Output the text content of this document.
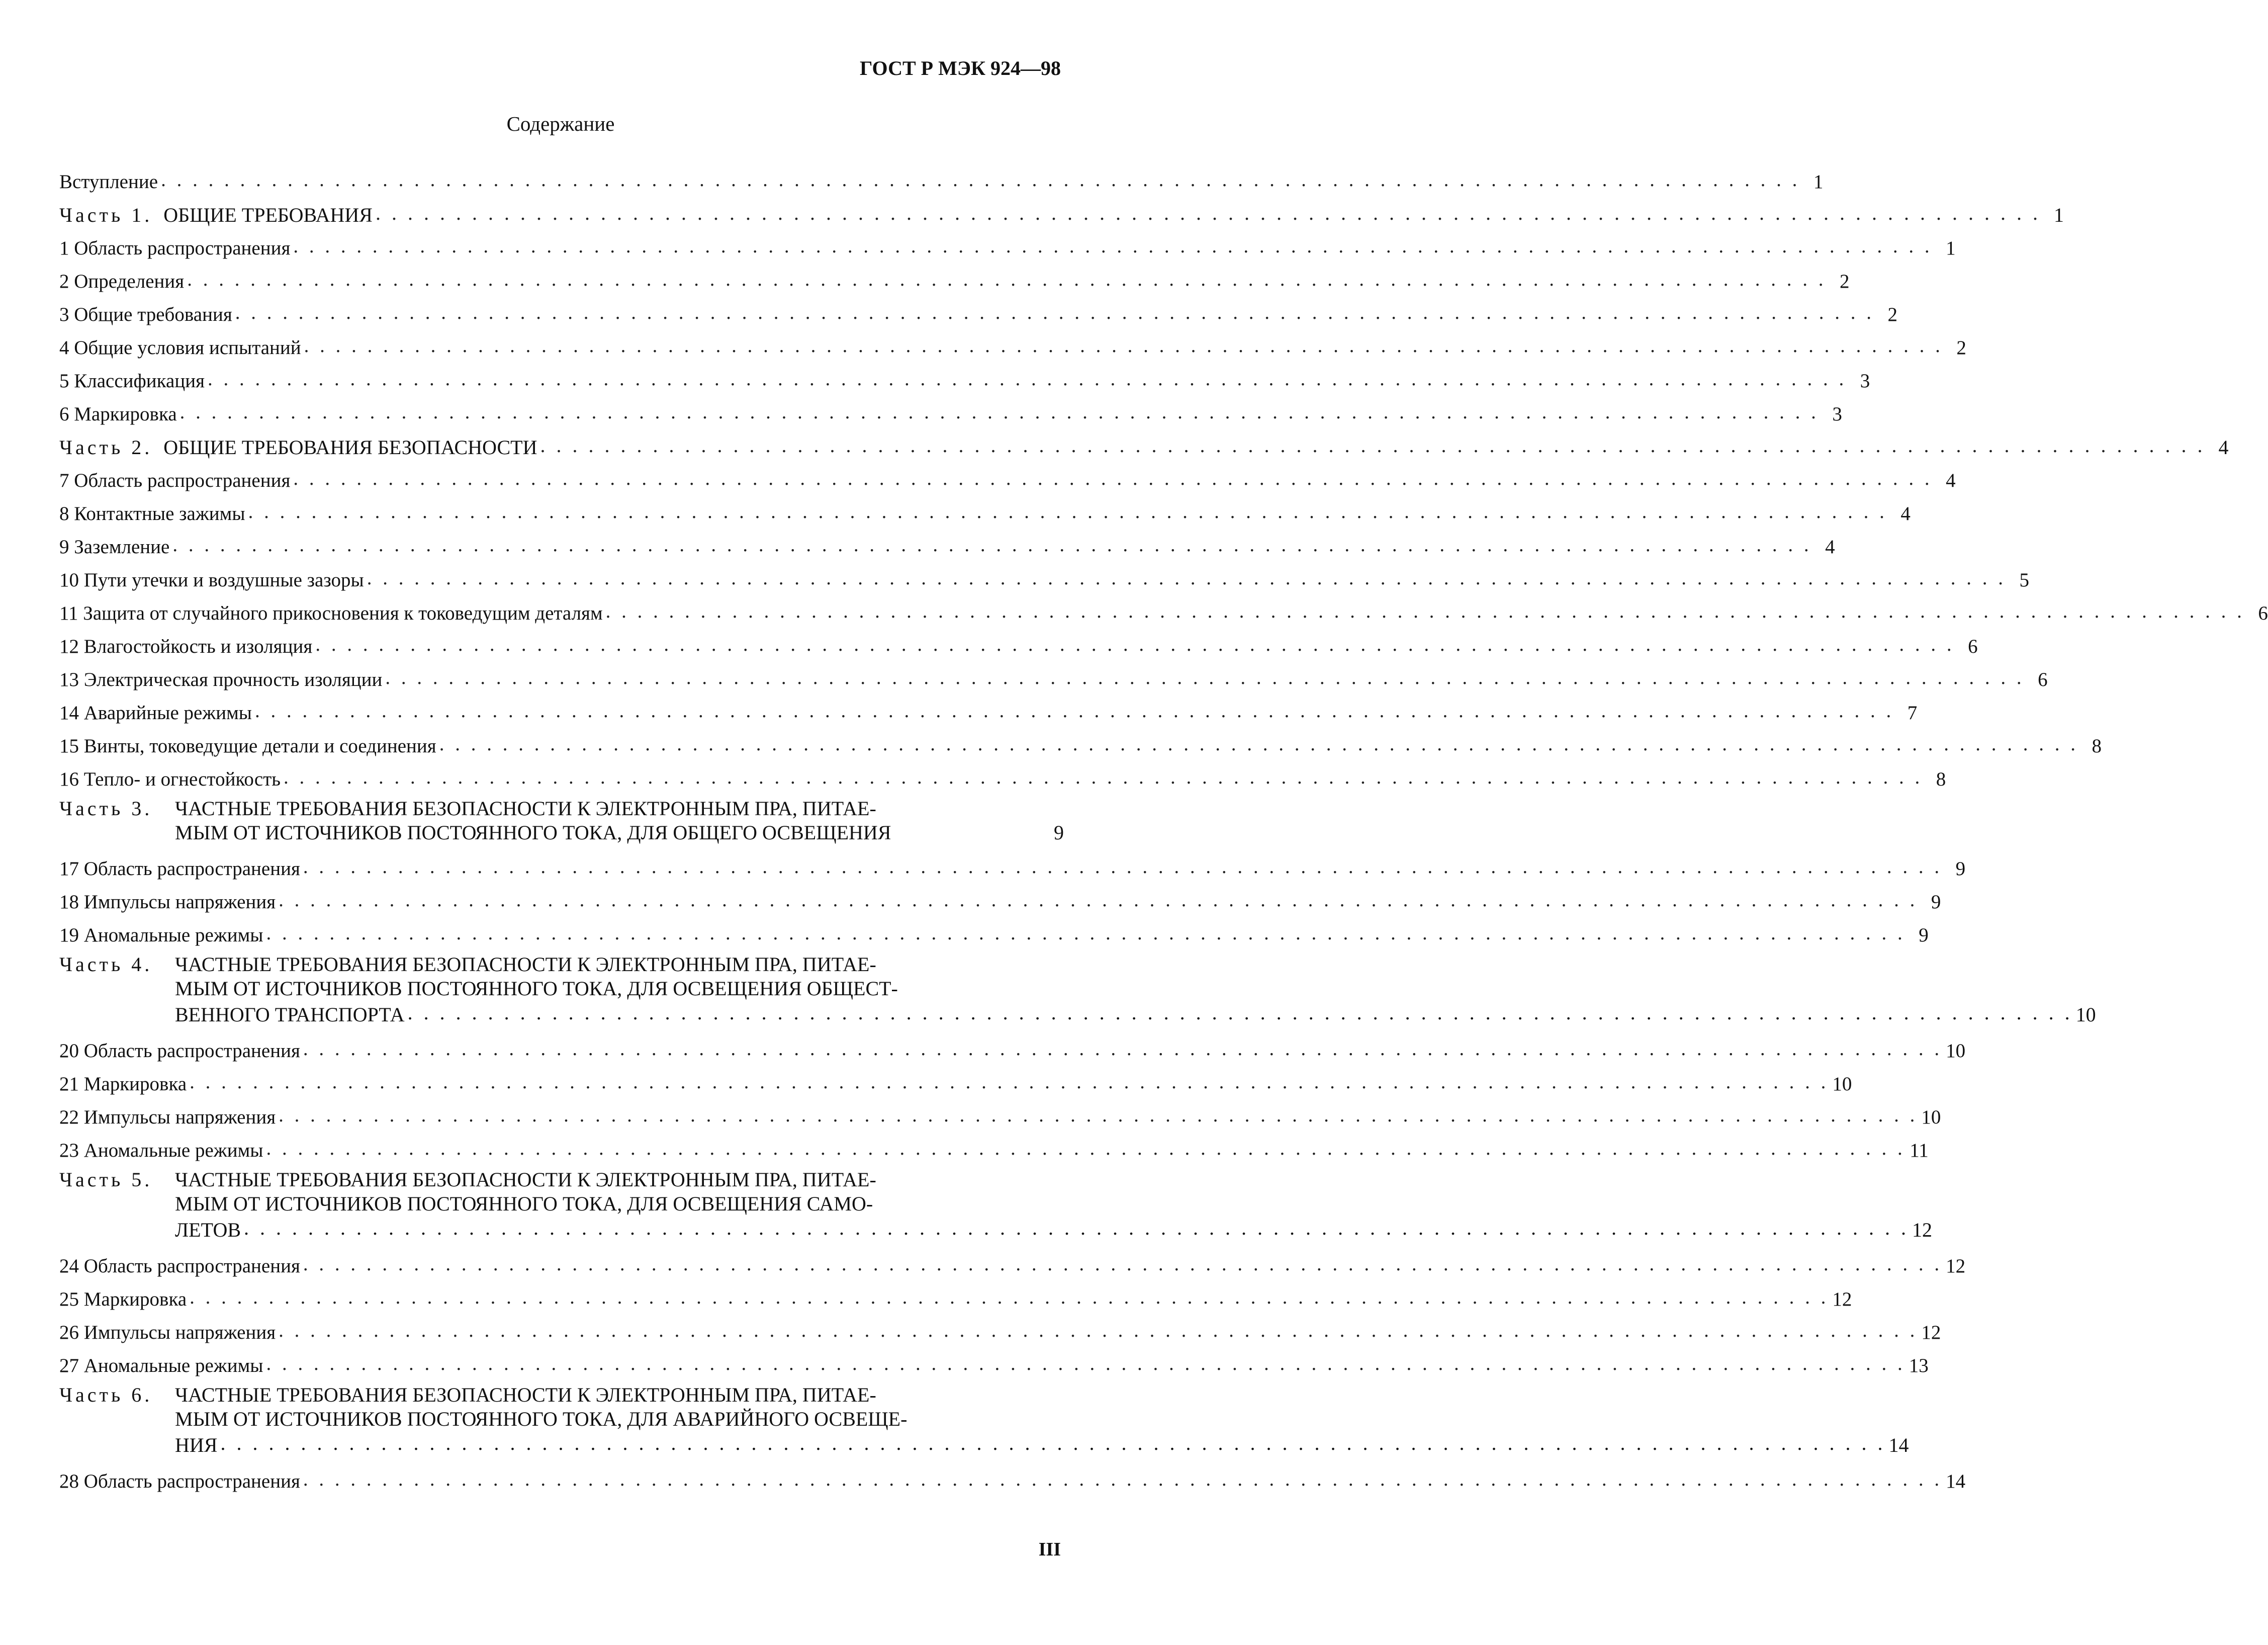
ГОСТ Р МЭК 924—98
Содержание
Вступление . . . . . . . . . . . . . . . . . . . . . . . . . . . . . . . . . . . . . . . . . . . . . . . . . . . . . . . . . . . . . . . . . . . . . . . . . . . . . . . . . . . . . . . . . . . . . . . . . . . . . . . . 1
Часть 1. ОБЩИЕ ТРЕБОВАНИЯ . . . . . . . . . . . . . . . . . . . . . . . . . . . . . . . . . . . . . . . . . . . . . . . . . . . . . . . . . . . . . . . . . . . . . . . . . . . . . . . . . . . . . . . . . . . . . . . . . . . . . . . . 1
1 Область распространения . . . . . . . . . . . . . . . . . . . . . . . . . . . . . . . . . . . . . . . . . . . . . . . . . . . . . . . . . . . . . . . . . . . . . . . . . . . . . . . . . . . . . . . . . . . . . . . . . . . . . . . . 1
2 Определения . . . . . . . . . . . . . . . . . . . . . . . . . . . . . . . . . . . . . . . . . . . . . . . . . . . . . . . . . . . . . . . . . . . . . . . . . . . . . . . . . . . . . . . . . . . . . . . . . . . . . . . . 2
3 Общие требования . . . . . . . . . . . . . . . . . . . . . . . . . . . . . . . . . . . . . . . . . . . . . . . . . . . . . . . . . . . . . . . . . . . . . . . . . . . . . . . . . . . . . . . . . . . . . . . . . . . . . . . . 2
4 Общие условия испытаний . . . . . . . . . . . . . . . . . . . . . . . . . . . . . . . . . . . . . . . . . . . . . . . . . . . . . . . . . . . . . . . . . . . . . . . . . . . . . . . . . . . . . . . . . . . . . . . . . . . . . . . . 2
5 Классификация . . . . . . . . . . . . . . . . . . . . . . . . . . . . . . . . . . . . . . . . . . . . . . . . . . . . . . . . . . . . . . . . . . . . . . . . . . . . . . . . . . . . . . . . . . . . . . . . . . . . . . . . 3
6 Маркировка . . . . . . . . . . . . . . . . . . . . . . . . . . . . . . . . . . . . . . . . . . . . . . . . . . . . . . . . . . . . . . . . . . . . . . . . . . . . . . . . . . . . . . . . . . . . . . . . . . . . . . . . 3
Часть 2. ОБЩИЕ ТРЕБОВАНИЯ БЕЗОПАСНОСТИ . . . . . . . . . . . . . . . . . . . . . . . . . . . . . . . . . . . . . . . . . . . . . . . . . . . . . . . . . . . . . . . . . . . . . . . . . . . . . . . . . . . . . . . . . . . . . . . . . . . . . . . . 4
7 Область распространения . . . . . . . . . . . . . . . . . . . . . . . . . . . . . . . . . . . . . . . . . . . . . . . . . . . . . . . . . . . . . . . . . . . . . . . . . . . . . . . . . . . . . . . . . . . . . . . . . . . . . . . . 4
8 Контактные зажимы . . . . . . . . . . . . . . . . . . . . . . . . . . . . . . . . . . . . . . . . . . . . . . . . . . . . . . . . . . . . . . . . . . . . . . . . . . . . . . . . . . . . . . . . . . . . . . . . . . . . . . . . 4
9 Заземление . . . . . . . . . . . . . . . . . . . . . . . . . . . . . . . . . . . . . . . . . . . . . . . . . . . . . . . . . . . . . . . . . . . . . . . . . . . . . . . . . . . . . . . . . . . . . . . . . . . . . . . . 4
10 Пути утечки и воздушные зазоры . . . . . . . . . . . . . . . . . . . . . . . . . . . . . . . . . . . . . . . . . . . . . . . . . . . . . . . . . . . . . . . . . . . . . . . . . . . . . . . . . . . . . . . . . . . . . . . . . . . . . . . . 5
11 Защита от случайного прикосновения к токоведущим деталям . . . . . . . . . . . . . . . . . . . . . . . . . . . . . . . . . . . . . . . . . . . . . . . . . . . . . . . . . . . . . . . . . . . . . . . . . . . . . . . . . . . . . . . . . . . . . . . . . . . . . . . . 6
12 Влагостойкость и изоляция . . . . . . . . . . . . . . . . . . . . . . . . . . . . . . . . . . . . . . . . . . . . . . . . . . . . . . . . . . . . . . . . . . . . . . . . . . . . . . . . . . . . . . . . . . . . . . . . . . . . . . . . 6
13 Электрическая прочность изоляции . . . . . . . . . . . . . . . . . . . . . . . . . . . . . . . . . . . . . . . . . . . . . . . . . . . . . . . . . . . . . . . . . . . . . . . . . . . . . . . . . . . . . . . . . . . . . . . . . . . . . . . . 6
14 Аварийные режимы . . . . . . . . . . . . . . . . . . . . . . . . . . . . . . . . . . . . . . . . . . . . . . . . . . . . . . . . . . . . . . . . . . . . . . . . . . . . . . . . . . . . . . . . . . . . . . . . . . . . . . . . 7
15 Винты, токоведущие детали и соединения . . . . . . . . . . . . . . . . . . . . . . . . . . . . . . . . . . . . . . . . . . . . . . . . . . . . . . . . . . . . . . . . . . . . . . . . . . . . . . . . . . . . . . . . . . . . . . . . . . . . . . . . 8
16 Тепло- и огнестойкость . . . . . . . . . . . . . . . . . . . . . . . . . . . . . . . . . . . . . . . . . . . . . . . . . . . . . . . . . . . . . . . . . . . . . . . . . . . . . . . . . . . . . . . . . . . . . . . . . . . . . . . . 8
Часть 3.	ЧАСТНЫЕ ТРЕБОВАНИЯ БЕЗОПАСНОСТИ К ЭЛЕКТРОННЫМ ПРА, ПИТАЕ-
МЫМ ОТ ИСТОЧНИКОВ ПОСТОЯННОГО ТОКА, ДЛЯ ОБЩЕГО ОСВЕЩЕНИЯ	9
17 Область распространения . . . . . . . . . . . . . . . . . . . . . . . . . . . . . . . . . . . . . . . . . . . . . . . . . . . . . . . . . . . . . . . . . . . . . . . . . . . . . . . . . . . . . . . . . . . . . . . . . . . . . . . . 9
18 Импульсы напряжения . . . . . . . . . . . . . . . . . . . . . . . . . . . . . . . . . . . . . . . . . . . . . . . . . . . . . . . . . . . . . . . . . . . . . . . . . . . . . . . . . . . . . . . . . . . . . . . . . . . . . . . . 9
19 Аномальные режимы . . . . . . . . . . . . . . . . . . . . . . . . . . . . . . . . . . . . . . . . . . . . . . . . . . . . . . . . . . . . . . . . . . . . . . . . . . . . . . . . . . . . . . . . . . . . . . . . . . . . . . . . 9
Часть 4.	ЧАСТНЫЕ ТРЕБОВАНИЯ БЕЗОПАСНОСТИ К ЭЛЕКТРОННЫМ ПРА, ПИТАЕ-
МЫМ ОТ ИСТОЧНИКОВ ПОСТОЯННОГО ТОКА, ДЛЯ ОСВЕЩЕНИЯ ОБЩЕСТ-
ВЕННОГО ТРАНСПОРТА . . . . . . . . . . . . . . . . . . . . . . . . . . . . . . . . . . . . . . . . . . . . . . . . . . . . . . . . . . . . . . . . . . . . . . . . . . . . . . . . . . . . . . . . . . . . . . . . . . . . . . . . 10
20 Область распространения . . . . . . . . . . . . . . . . . . . . . . . . . . . . . . . . . . . . . . . . . . . . . . . . . . . . . . . . . . . . . . . . . . . . . . . . . . . . . . . . . . . . . . . . . . . . . . . . . . . . . . . . 10
21 Маркировка . . . . . . . . . . . . . . . . . . . . . . . . . . . . . . . . . . . . . . . . . . . . . . . . . . . . . . . . . . . . . . . . . . . . . . . . . . . . . . . . . . . . . . . . . . . . . . . . . . . . . . . . 10
22 Импульсы напряжения . . . . . . . . . . . . . . . . . . . . . . . . . . . . . . . . . . . . . . . . . . . . . . . . . . . . . . . . . . . . . . . . . . . . . . . . . . . . . . . . . . . . . . . . . . . . . . . . . . . . . . . . 10
23 Аномальные режимы . . . . . . . . . . . . . . . . . . . . . . . . . . . . . . . . . . . . . . . . . . . . . . . . . . . . . . . . . . . . . . . . . . . . . . . . . . . . . . . . . . . . . . . . . . . . . . . . . . . . . . . . 11
Часть 5.	ЧАСТНЫЕ ТРЕБОВАНИЯ БЕЗОПАСНОСТИ К ЭЛЕКТРОННЫМ ПРА, ПИТАЕ-
МЫМ ОТ ИСТОЧНИКОВ ПОСТОЯННОГО ТОКА, ДЛЯ ОСВЕЩЕНИЯ САМО-
ЛЕТОВ . . . . . . . . . . . . . . . . . . . . . . . . . . . . . . . . . . . . . . . . . . . . . . . . . . . . . . . . . . . . . . . . . . . . . . . . . . . . . . . . . . . . . . . . . . . . . . . . . . . . . . . . 12
24 Область распространения . . . . . . . . . . . . . . . . . . . . . . . . . . . . . . . . . . . . . . . . . . . . . . . . . . . . . . . . . . . . . . . . . . . . . . . . . . . . . . . . . . . . . . . . . . . . . . . . . . . . . . . . 12
25 Маркировка . . . . . . . . . . . . . . . . . . . . . . . . . . . . . . . . . . . . . . . . . . . . . . . . . . . . . . . . . . . . . . . . . . . . . . . . . . . . . . . . . . . . . . . . . . . . . . . . . . . . . . . . 12
26 Импульсы напряжения . . . . . . . . . . . . . . . . . . . . . . . . . . . . . . . . . . . . . . . . . . . . . . . . . . . . . . . . . . . . . . . . . . . . . . . . . . . . . . . . . . . . . . . . . . . . . . . . . . . . . . . . 12
27 Аномальные режимы . . . . . . . . . . . . . . . . . . . . . . . . . . . . . . . . . . . . . . . . . . . . . . . . . . . . . . . . . . . . . . . . . . . . . . . . . . . . . . . . . . . . . . . . . . . . . . . . . . . . . . . . 13
Часть 6.	ЧАСТНЫЕ ТРЕБОВАНИЯ БЕЗОПАСНОСТИ К ЭЛЕКТРОННЫМ ПРА, ПИТАЕ-
МЫМ ОТ ИСТОЧНИКОВ ПОСТОЯННОГО ТОКА, ДЛЯ АВАРИЙНОГО ОСВЕЩЕ-
НИЯ . . . . . . . . . . . . . . . . . . . . . . . . . . . . . . . . . . . . . . . . . . . . . . . . . . . . . . . . . . . . . . . . . . . . . . . . . . . . . . . . . . . . . . . . . . . . . . . . . . . . . . . . 14
28 Область распространения . . . . . . . . . . . . . . . . . . . . . . . . . . . . . . . . . . . . . . . . . . . . . . . . . . . . . . . . . . . . . . . . . . . . . . . . . . . . . . . . . . . . . . . . . . . . . . . . . . . . . . . . 14
III
